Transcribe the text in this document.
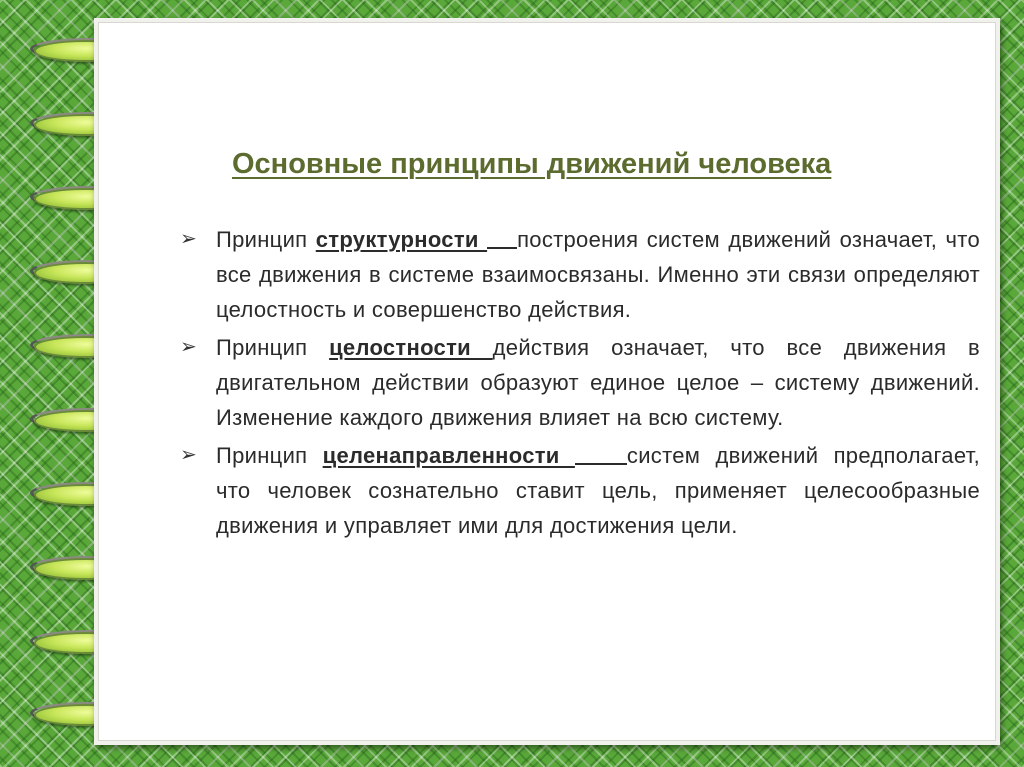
Основные принципы движений человека
➢ Принцип структурности построения систем движений означает, что все движения в системе взаимосвязаны. Именно эти связи определяют целостность и совершенство действия.
➢ Принцип целостности действия означает, что все движения в двигательном действии образуют единое целое – систему движений. Изменение каждого движения влияет на всю систему.
➢ Принцип целенаправленности систем движений предполагает, что человек сознательно ставит цель, применяет целесообразные движения и управляет ими для достижения цели.
